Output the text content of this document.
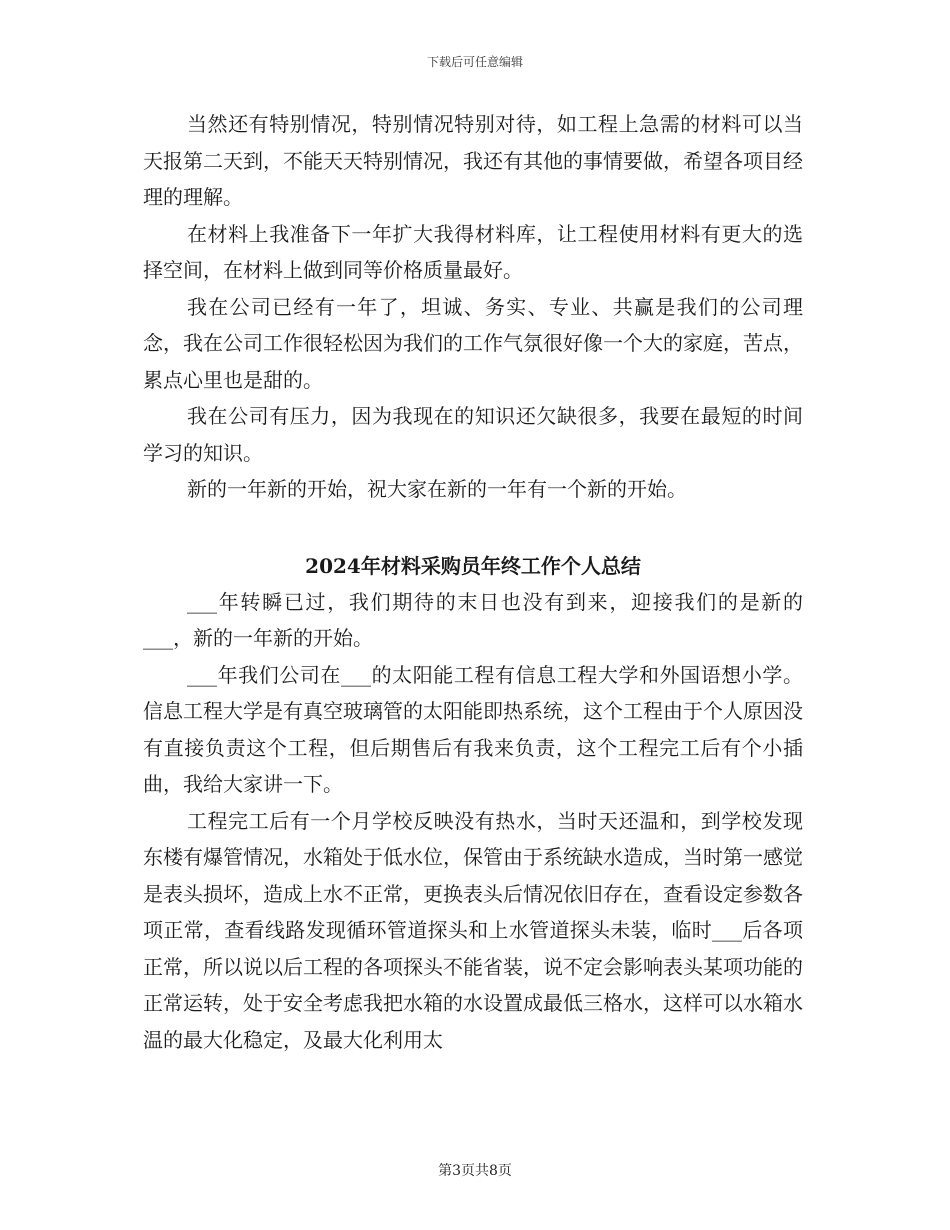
下载后可任意编辑

当然还有特别情况，特别情况特别对待，如工程上急需的材料可以当天报第二天到，不能天天特别情况，我还有其他的事情要做，希望各项目经理的理解。

在材料上我准备下一年扩大我得材料库，让工程使用材料有更大的选择空间，在材料上做到同等价格质量最好。

我在公司已经有一年了，坦诚、务实、专业、共赢是我们的公司理念，我在公司工作很轻松因为我们的工作气氛很好像一个大的家庭，苦点，累点心里也是甜的。

我在公司有压力，因为我现在的知识还欠缺很多，我要在最短的时间学习的知识。

新的一年新的开始，祝大家在新的一年有一个新的开始。

2024年材料采购员年终工作个人总结

___年转瞬已过，我们期待的末日也没有到来，迎接我们的是新的___，新的一年新的开始。

___年我们公司在___的太阳能工程有信息工程大学和外国语想小学。信息工程大学是有真空玻璃管的太阳能即热系统，这个工程由于个人原因没有直接负责这个工程，但后期售后有我来负责，这个工程完工后有个小插曲，我给大家讲一下。

工程完工后有一个月学校反映没有热水，当时天还温和，到学校发现东楼有爆管情况，水箱处于低水位，保管由于系统缺水造成，当时第一感觉是表头损坏，造成上水不正常，更换表头后情况依旧存在，查看设定参数各项正常，查看线路发现循环管道探头和上水管道探头未装，临时___后各项正常，所以说以后工程的各项探头不能省装，说不定会影响表头某项功能的正常运转，处于安全考虑我把水箱的水设置成最低三格水，这样可以水箱水温的最大化稳定，及最大化利用太

第3页共8页
